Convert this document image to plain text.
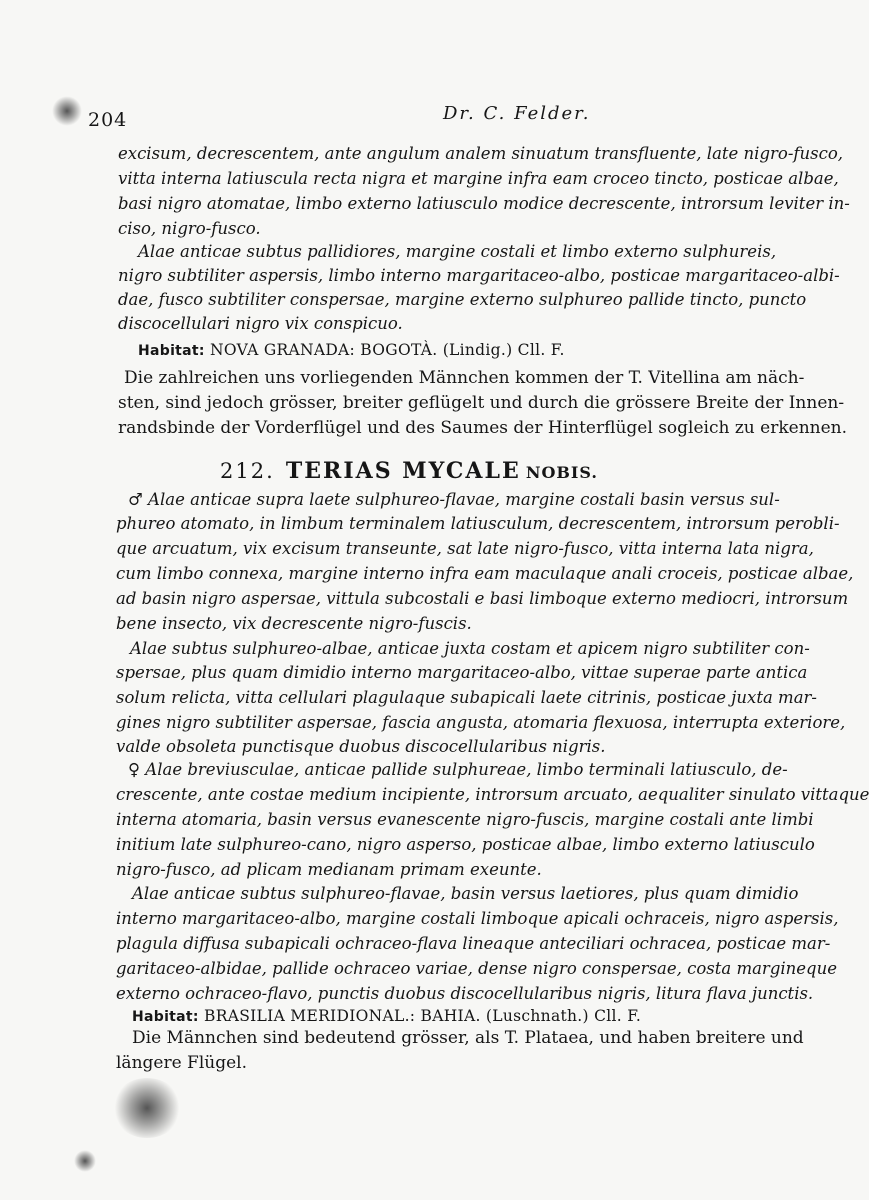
204	Dr. C. Felder.
excisum, decrescentem, ante angulum analem sinuatum transfluente, late nigro-fusco,
vitta interna latiuscula recta nigra et margine infra eam croceo tincto, posticae albae,
basi nigro atomatae, limbo externo latiusculo modice decrescente, introrsum leviter in-
ciso, nigro-fusco.
Alae anticae subtus pallidiores, margine costali et limbo externo sulphureis,
nigro subtiliter aspersis, limbo interno margaritaceo-albo, posticae margaritaceo-albi-
dae, fusco subtiliter conspersae, margine externo sulphureo pallide tincto, puncto
discocellulari nigro vix conspicuo.
Habitat: NOVA GRANADA: BOGOTÀ. (Lindig.) Cll. F.
Die zahlreichen uns vorliegenden Männchen kommen der T. Vitellina am näch-
sten, sind jedoch grösser, breiter geflügelt und durch die grössere Breite der Innen-
randsbinde der Vorderflügel und des Saumes der Hinterflügel sogleich zu erkennen.
212. TERIAS MYCALE NOBIS.
♂ Alae anticae supra laete sulphureo-flavae, margine costali basin versus sul-
phureo atomato, in limbum terminalem latiusculum, decrescentem, introrsum perobli-
que arcuatum, vix excisum transeunte, sat late nigro-fusco, vitta interna lata nigra,
cum limbo connexa, margine interno infra eam maculaque anali croceis, posticae albae,
ad basin nigro aspersae, vittula subcostali e basi limboque externo mediocri, introrsum
bene insecto, vix decrescente nigro-fuscis.
Alae subtus sulphureo-albae, anticae juxta costam et apicem nigro subtiliter con-
spersae, plus quam dimidio interno margaritaceo-albo, vittae superae parte antica
solum relicta, vitta cellulari plagulaque subapicali laete citrinis, posticae juxta mar-
gines nigro subtiliter aspersae, fascia angusta, atomaria flexuosa, interrupta exteriore,
valde obsoleta punctisque duobus discocellularibus nigris.
♀ Alae breviusculae, anticae pallide sulphureae, limbo terminali latiusculo, de-
crescente, ante costae medium incipiente, introrsum arcuato, aequaliter sinulato vittaque
interna atomaria, basin versus evanescente nigro-fuscis, margine costali ante limbi
initium late sulphureo-cano, nigro asperso, posticae albae, limbo externo latiusculo
nigro-fusco, ad plicam medianam primam exeunte.
Alae anticae subtus sulphureo-flavae, basin versus laetiores, plus quam dimidio
interno margaritaceo-albo, margine costali limboque apicali ochraceis, nigro aspersis,
plagula diffusa subapicali ochraceo-flava lineaque anteciliari ochracea, posticae mar-
garitaceo-albidae, pallide ochraceo variae, dense nigro conspersae, costa margineque
externo ochraceo-flavo, punctis duobus discocellularibus nigris, litura flava junctis.
Habitat: BRASILIA MERIDIONAL.: BAHIA. (Luschnath.) Cll. F.
Die Männchen sind bedeutend grösser, als T. Plataea, und haben breitere und
längere Flügel.
